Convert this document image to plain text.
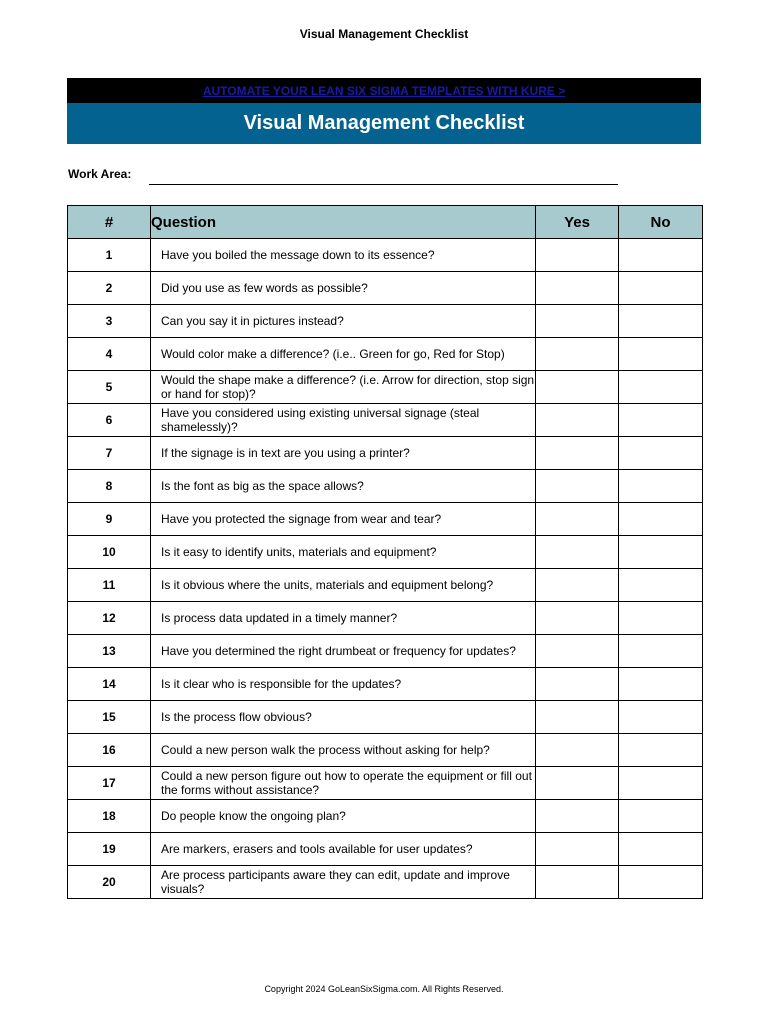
Visual Management Checklist
AUTOMATE YOUR LEAN SIX SIGMA TEMPLATES WITH KURE >
Visual Management Checklist
Work Area:
#	Question	Yes	No
1	Have you boiled the message down to its essence?		
2	Did you use as few words as possible?		
3	Can you say it in pictures instead?		
4	Would color make a difference? (i.e.. Green for go, Red for Stop)		
5	Would the shape make a difference? (i.e. Arrow for direction, stop sign or hand for stop)?		
6	Have you considered using existing universal signage (steal shamelessly)?		
7	If the signage is in text are you using a printer?		
8	Is the font as big as the space allows?		
9	Have you protected the signage from wear and tear?		
10	Is it easy to identify units, materials and equipment?		
11	Is it obvious where the units, materials and equipment belong?		
12	Is process data updated in a timely manner?		
13	Have you determined the right drumbeat or frequency for updates?		
14	Is it clear who is responsible for the updates?		
15	Is the process flow obvious?		
16	Could a new person walk the process without asking for help?		
17	Could a new person figure out how to operate the equipment or fill out the forms without assistance?		
18	Do people know the ongoing plan?		
19	Are markers, erasers and tools available for user updates?		
20	Are process participants aware they can edit, update and improve visuals?		
Copyright 2024 GoLeanSixSigma.com. All Rights Reserved.
